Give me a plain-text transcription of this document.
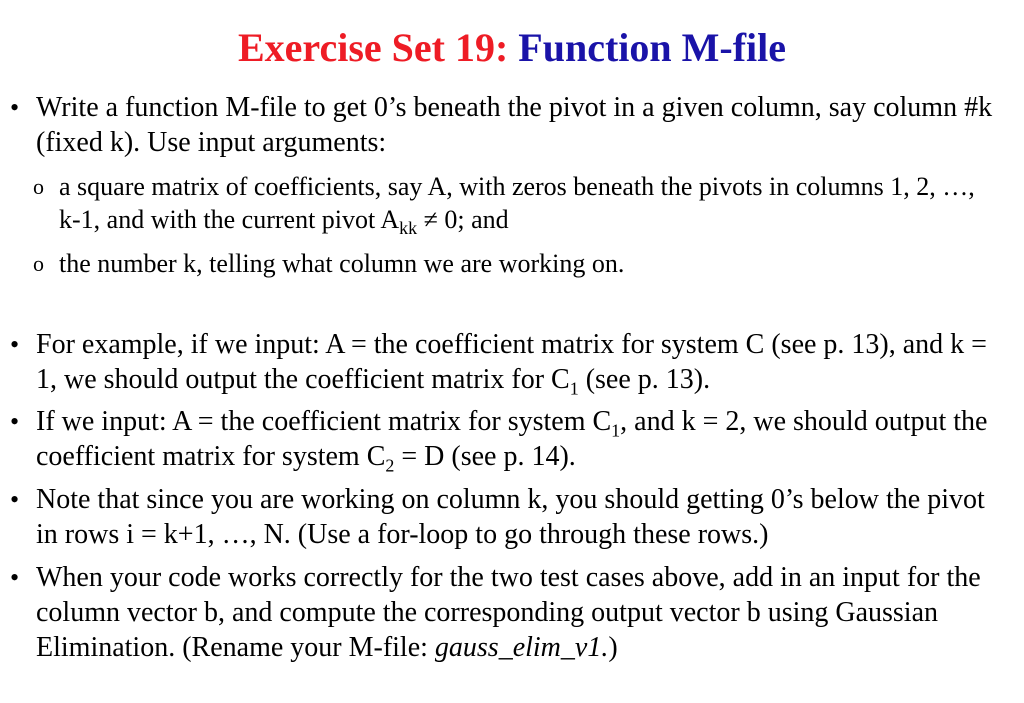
Exercise Set 19: Function M-file
• Write a function M-file to get 0’s beneath the pivot in a given column, say column #k (fixed k). Use input arguments:
o a square matrix of coefficients, say A, with zeros beneath the pivots in columns 1, 2, …, k-1, and with the current pivot $A_{kk} \ne 0$; and
o the number k, telling what column we are working on.
• For example, if we input: A = the coefficient matrix for system C (see p. 13), and k = 1, we should output the coefficient matrix for $C_1$ (see p. 13).
• If we input: A = the coefficient matrix for system $C_1$, and k = 2, we should output the coefficient matrix for system $C_2 = D$ (see p. 14).
• Note that since you are working on column k, you should getting 0’s below the pivot in rows i = k+1, …, N. (Use a for-loop to go through these rows.)
• When your code works correctly for the two test cases above, add in an input for the column vector b, and compute the corresponding output vector b using Gaussian Elimination. (Rename your M-file: gauss_elim_v1.)
